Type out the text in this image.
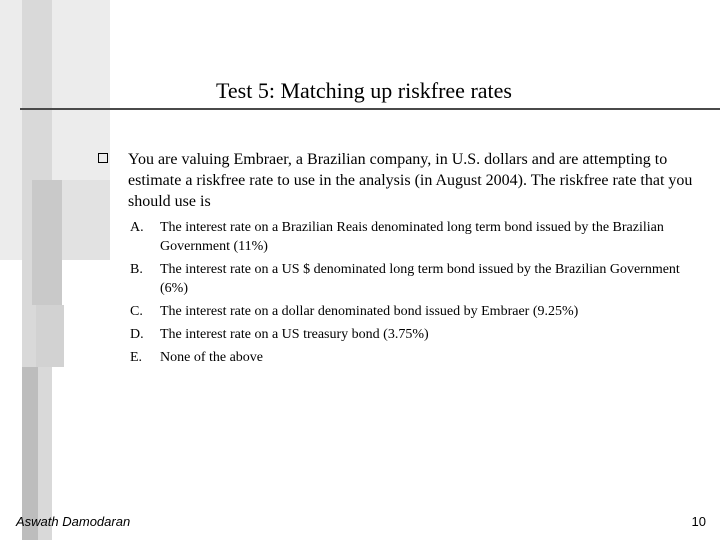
Test 5: Matching up riskfree rates
You are valuing Embraer, a Brazilian company, in U.S. dollars and are attempting to estimate a riskfree rate to use in the analysis (in August 2004). The riskfree rate that you should use is
A.	The interest rate on a Brazilian Reais denominated long term bond issued by the Brazilian Government (11%)
B.	The interest rate on a US $ denominated long term bond issued by the Brazilian Government (6%)
C.	The interest rate on a dollar denominated bond issued by Embraer (9.25%)
D.	The interest rate on a US treasury bond (3.75%)
E.	None of the above
Aswath Damodaran	10
